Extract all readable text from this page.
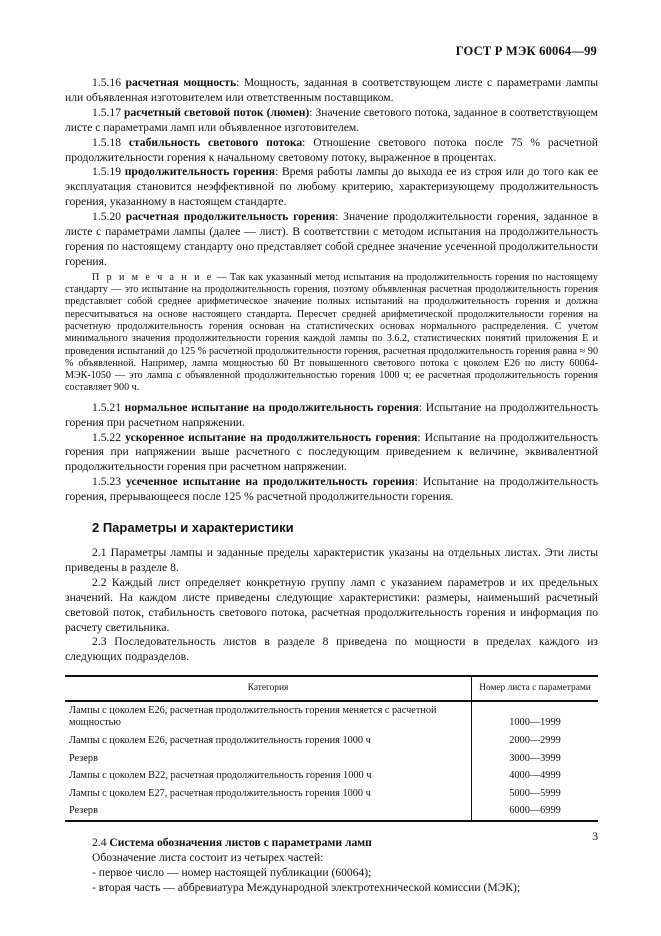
ГОСТ Р МЭК 60064—99

1.5.16 расчетная мощность: Мощность, заданная в соответствующем листе с параметрами лампы или объявленная изготовителем или ответственным поставщиком.

1.5.17 расчетный световой поток (люмен): Значение светового потока, заданное в соответствующем листе с параметрами ламп или объявленное изготовителем.

1.5.18 стабильность светового потока: Отношение светового потока после 75 % расчетной продолжительности горения к начальному световому потоку, выраженное в процентах.

1.5.19 продолжительность горения: Время работы лампы до выхода ее из строя или до того как ее эксплуатация становится неэффективной по любому критерию, характеризующему продолжительность горения, указанному в настоящем стандарте.

1.5.20 расчетная продолжительность горения: Значение продолжительности горения, заданное в листе с параметрами лампы (далее — лист). В соответствии с методом испытания на продолжительность горения по настоящему стандарту оно представляет собой среднее значение усеченной продолжительности горения.

П р и м е ч а н и е — Так как указанный метод испытания на продолжительность горения по настоящему стандарту — это испытание на продолжительность горения, поэтому объявленная расчетная продолжительность горения представляет собой среднее арифметическое значение полных испытаний на продолжительность горения и должна пересчитываться на основе настоящего стандарта. Пересчет средней арифметической продолжительности горения на расчетную продолжительность горения основан на статистических основах нормального распределения. С учетом минимального значения продолжительности горения каждой лампы по 3.6.2, статистических понятий приложения Е и проведения испытаний до 125 % расчетной продолжительности горения, расчетная продолжительность горения равна ≈ 90 % объявленной. Например, лампа мощностью 60 Вт повышенного светового потока с цоколем Е26 по листу 60064-МЭК-1050 — это лампа с объявленной продолжительностью горения 1000 ч; ее расчетная продолжительность горения составляет 900 ч.

1.5.21 нормальное испытание на продолжительность горения: Испытание на продолжительность горения при расчетном напряжении.

1.5.22 ускоренное испытание на продолжительность горения: Испытание на продолжительность горения при напряжении выше расчетного с последующим приведением к величине, эквивалентной продолжительности горения при расчетном напряжении.

1.5.23 усеченное испытание на продолжительность горения: Испытание на продолжительность горения, прерывающееся после 125 % расчетной продолжительности горения.

2 Параметры и характеристики

2.1 Параметры лампы и заданные пределы характеристик указаны на отдельных листах. Эти листы приведены в разделе 8.

2.2 Каждый лист определяет конкретную группу ламп с указанием параметров и их предельных значений. На каждом листе приведены следующие характеристики: размеры, наименьший расчетный световой поток, стабильность светового потока, расчетная продолжительность горения и информация по расчету светильника.

2.3 Последовательность листов в разделе 8 приведена по мощности в пределах каждого из следующих подразделов.

Категория	Номер листа с параметрами
Лампы с цоколем Е26, расчетная продолжительность горения меняется с расчетной мощностью	1000—1999
Лампы с цоколем Е26, расчетная продолжительность горения 1000 ч	2000—2999
Резерв	3000—3999
Лампы с цоколем В22, расчетная продолжительность горения 1000 ч	4000—4999
Лампы с цоколем Е27, расчетная продолжительность горения 1000 ч	5000—5999
Резерв	6000—6999

2.4 Система обозначения листов с параметрами ламп

Обозначение листа состоит из четырех частей:

- первое число — номер настоящей публикации (60064);

- вторая часть — аббревиатура Международной электротехнической комиссии (МЭК);

3
